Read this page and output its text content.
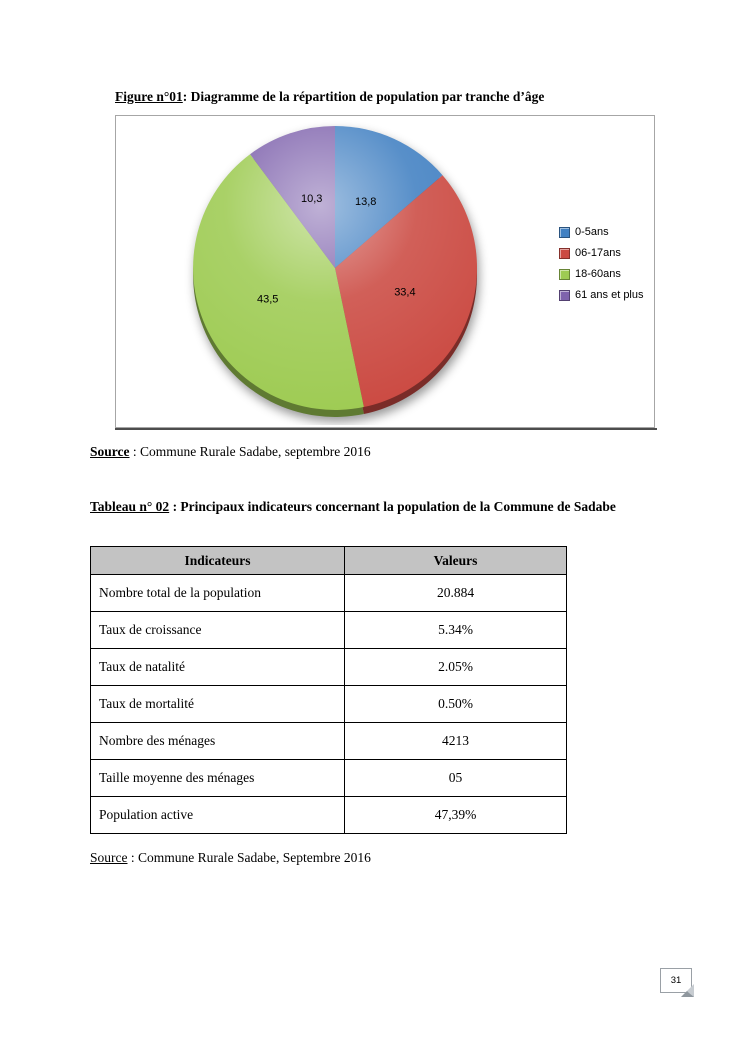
Figure n°01: Diagramme de la répartition de population par tranche d’âge

13,8
33,4
43,5
10,3
0-5ans
06-17ans
18-60ans
61 ans et plus

Source : Commune Rurale Sadabe, septembre 2016

Tableau n° 02 : Principaux indicateurs concernant la population de la Commune de Sadabe

Indicateurs	Valeurs
Nombre total de la population	20.884
Taux de croissance	5.34%
Taux de natalité	2.05%
Taux de mortalité	0.50%
Nombre des ménages	4213
Taille moyenne des ménages	05
Population active	47,39%

Source : Commune Rurale Sadabe, Septembre 2016

31
